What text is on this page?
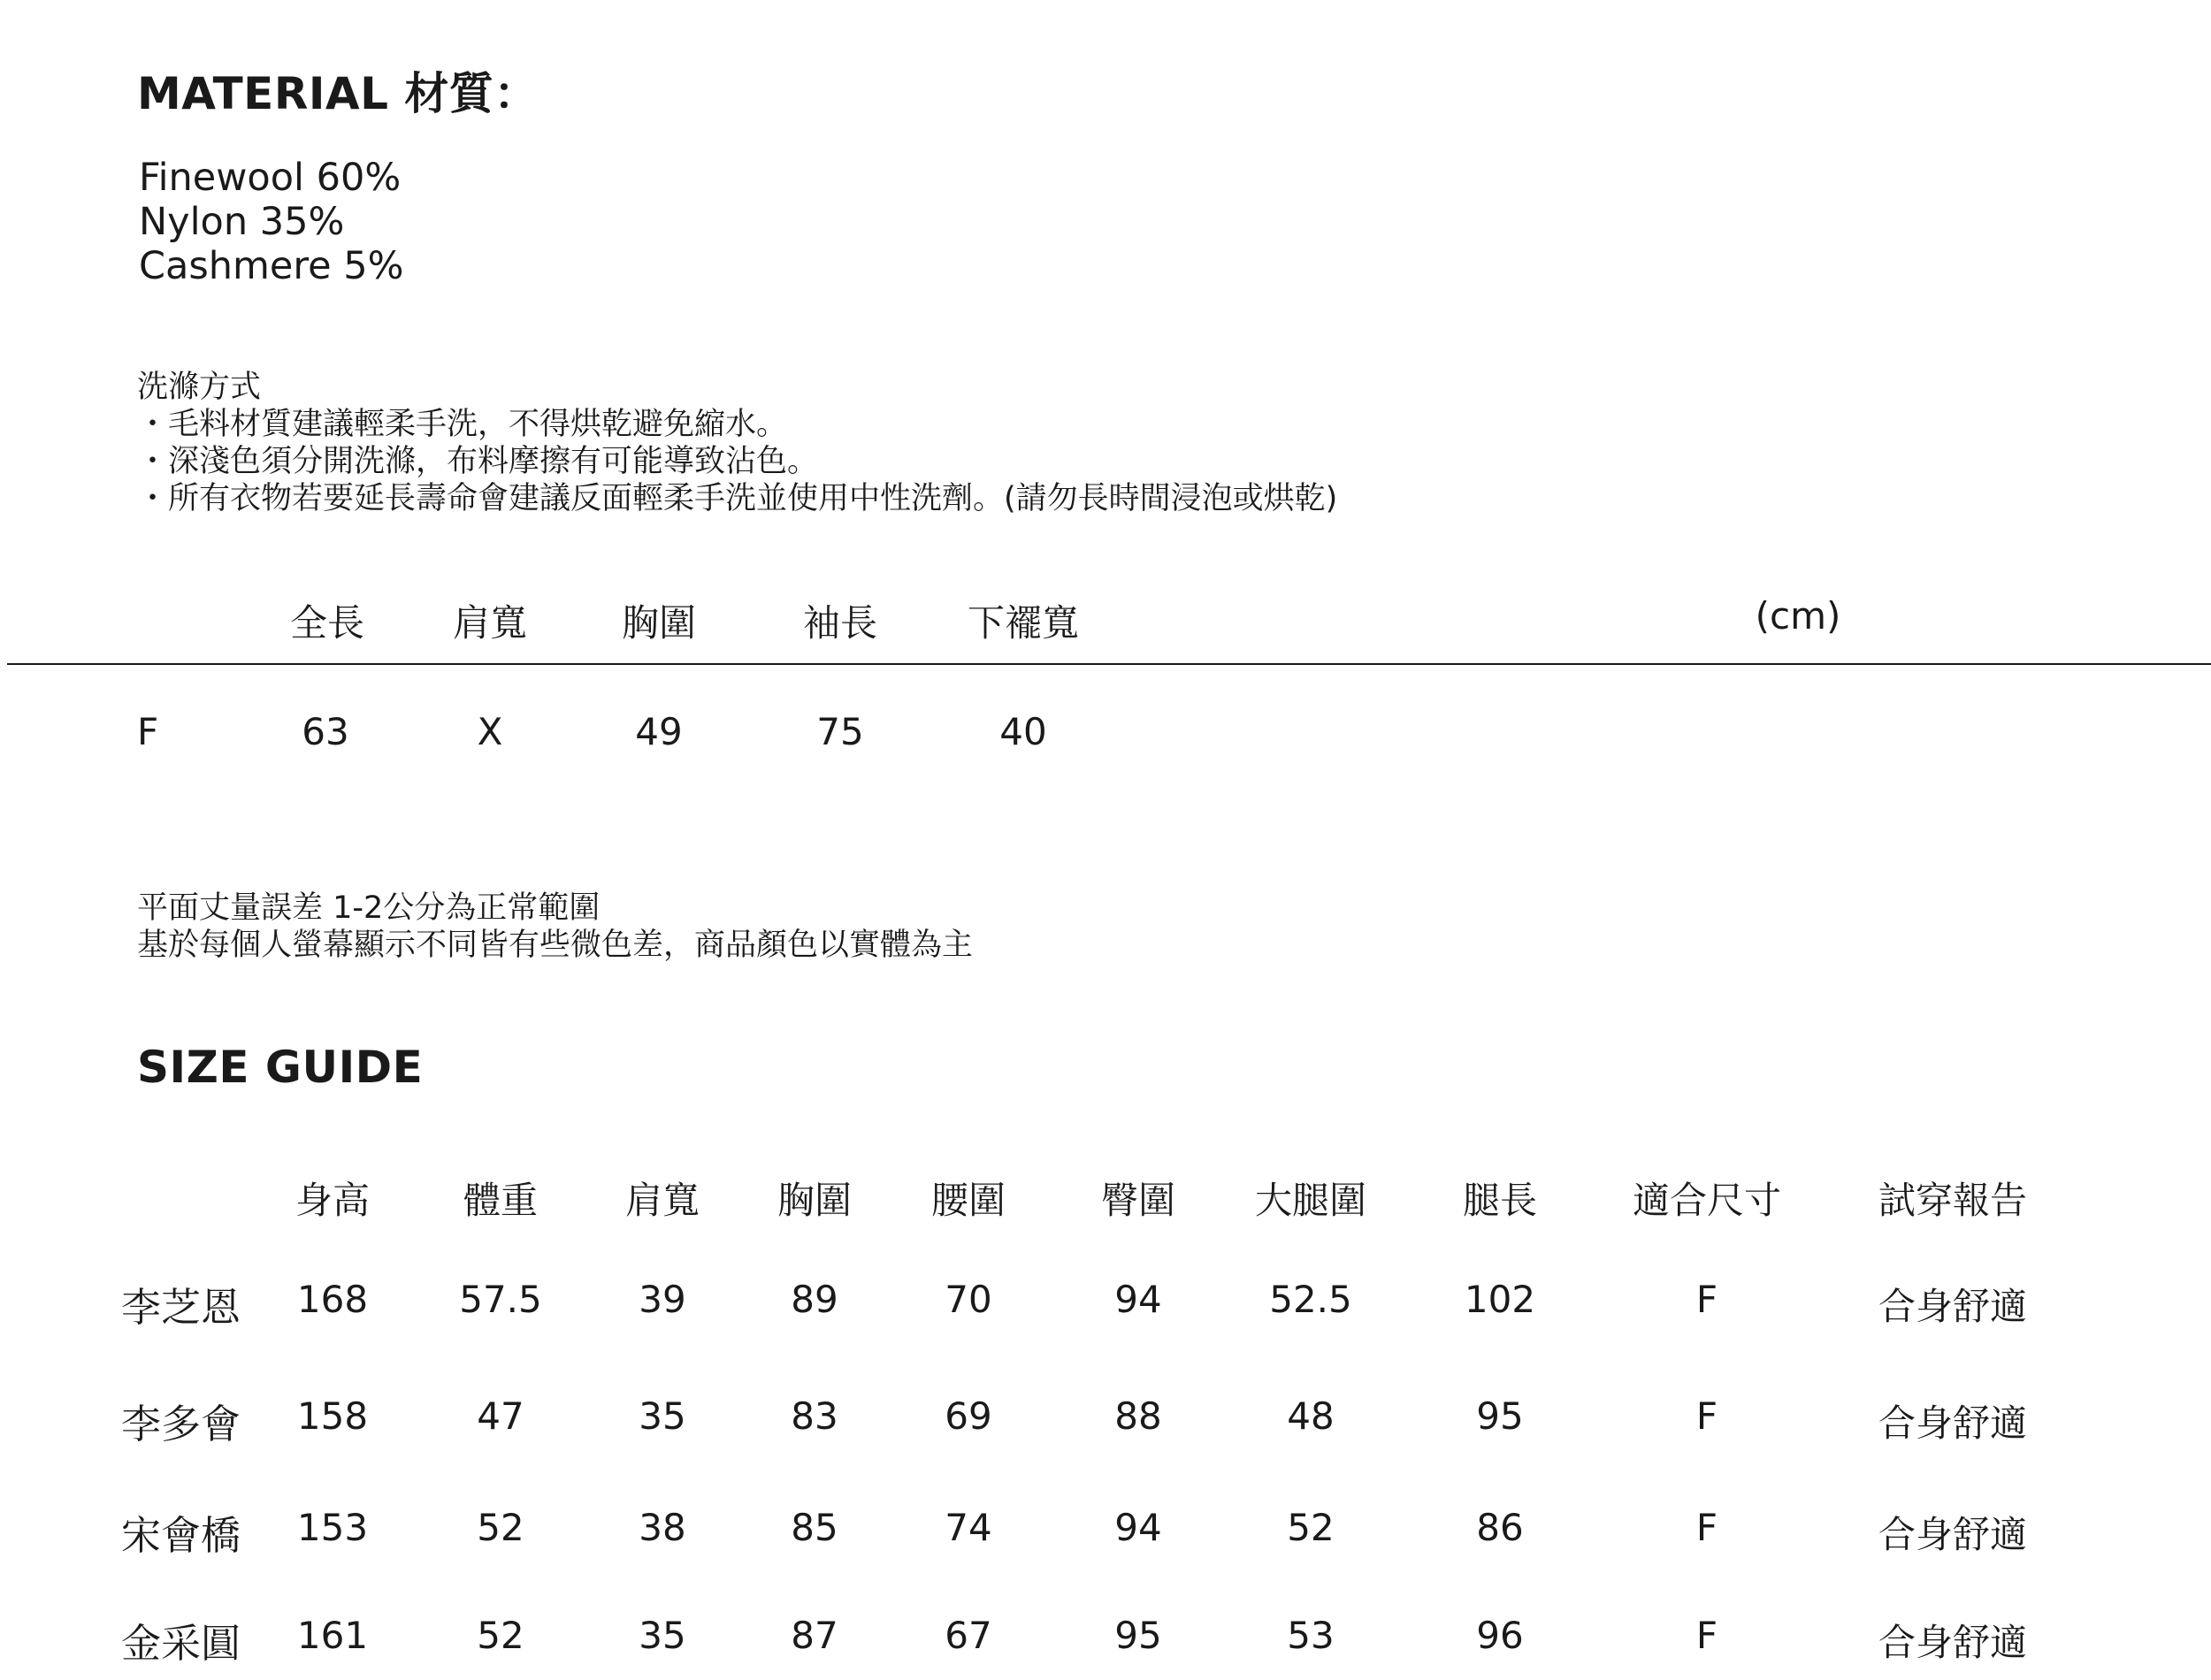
MATERIAL 材質：
Finewool 60%
Nylon 35%
Cashmere 5%
洗滌方式
・毛料材質建議輕柔手洗，不得烘乾避免縮水。
・深淺色須分開洗滌，布料摩擦有可能導致沾色。
・所有衣物若要延長壽命會建議反面輕柔手洗並使用中性洗劑。(請勿長時間浸泡或烘乾)
全長 肩寬	胸圍	袖長 下襬寬	(cm)
F	63	X	49	75	40
平面丈量誤差 1-2公分為正常範圍
基於每個人螢幕顯示不同皆有些微色差，商品顏色以實體為主
SIZE GUIDE
身高	體重 肩寬 胸圍 腰圍	臀圍 大腿圍	腿長	適合尺寸	試穿報告
李芝恩 168 57.5	39	89	70	94	52.5	102	F	合身舒適
李多會 158	47	35	83	69	88	48	95	F	合身舒適
宋會橋 153	52	38	85	74	94	52	86	F	合身舒適
金采圓 161	52	35	87	67	95	53	96	F	合身舒適
